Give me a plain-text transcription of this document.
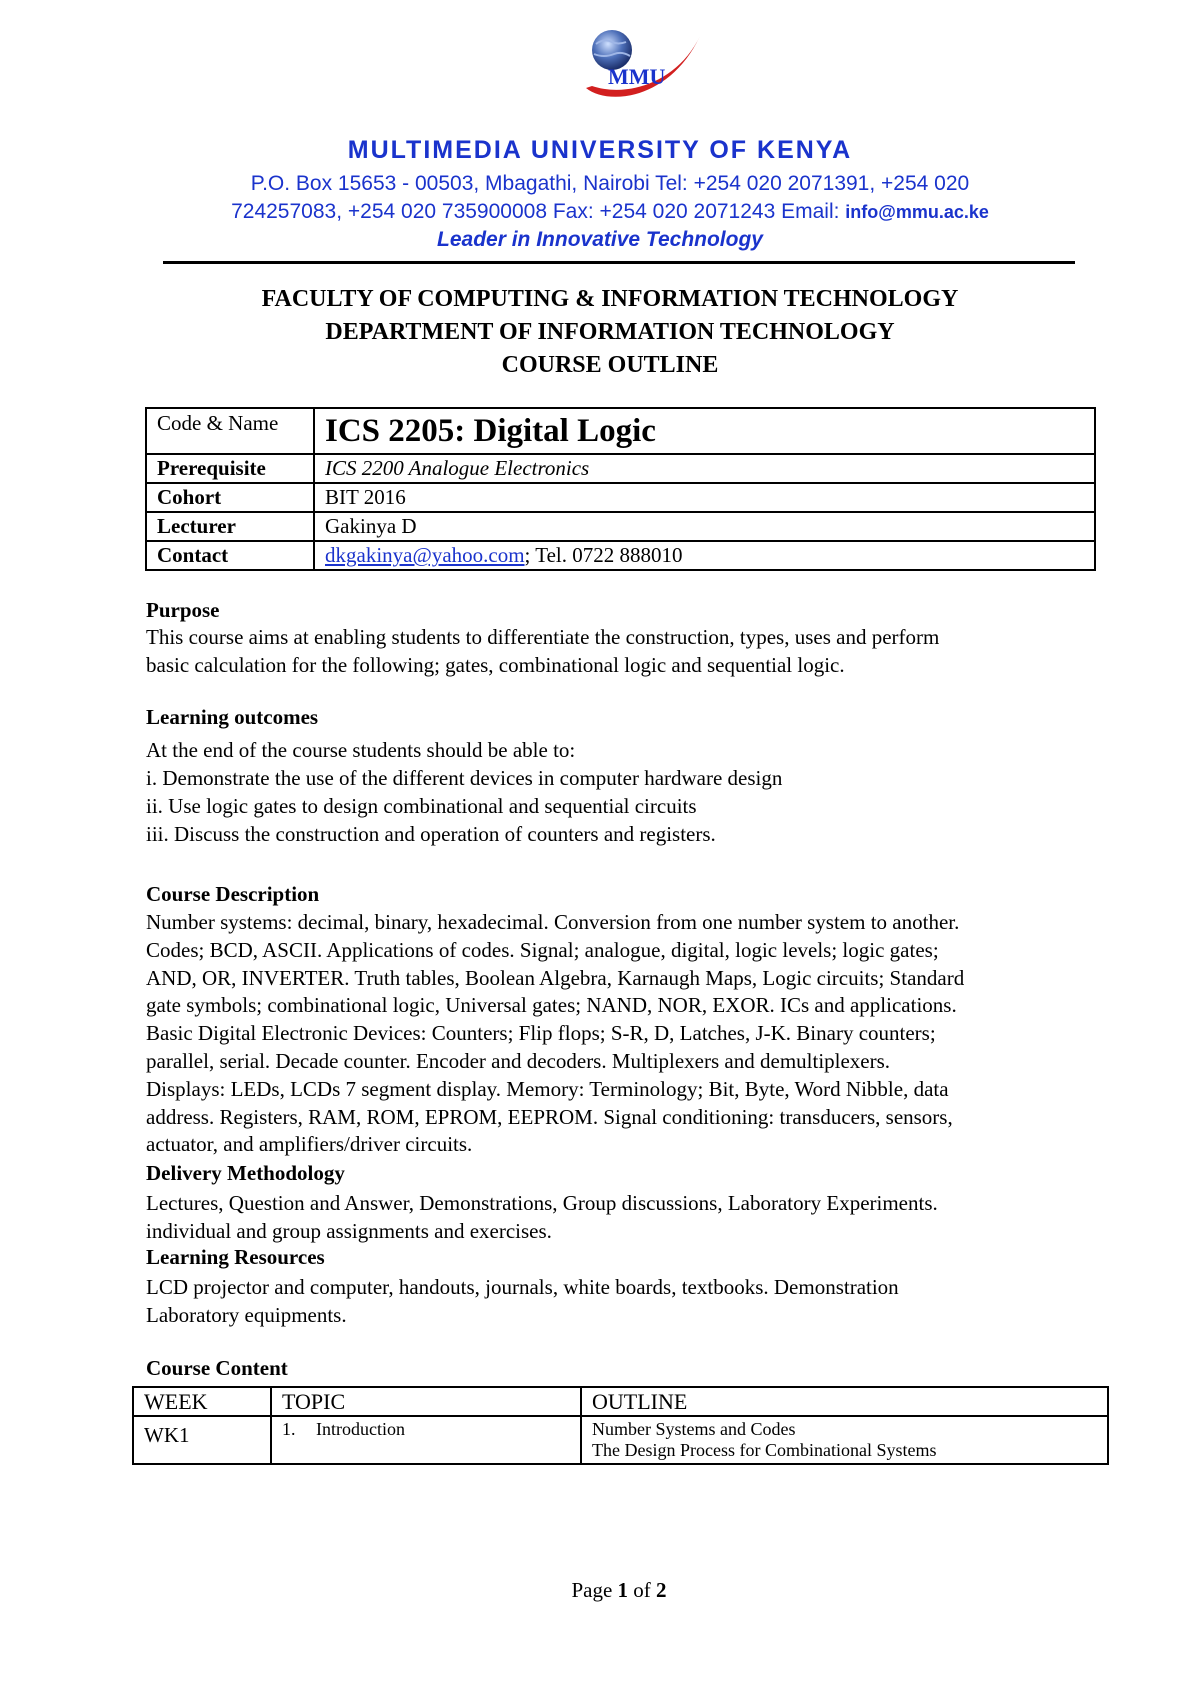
MMU
MULTIMEDIA UNIVERSITY OF KENYA
P.O. Box 15653 - 00503, Mbagathi, Nairobi Tel: +254 020 2071391, +254 020
724257083, +254 020 735900008 Fax: +254 020 2071243 Email: info@mmu.ac.ke
Leader in Innovative Technology
FACULTY OF COMPUTING & INFORMATION TECHNOLOGY
DEPARTMENT OF INFORMATION TECHNOLOGY
COURSE OUTLINE
Code & Name	ICS 2205: Digital Logic
Prerequisite	ICS 2200 Analogue Electronics
Cohort	BIT 2016
Lecturer	Gakinya D
Contact	dkgakinya@yahoo.com; Tel. 0722 888010
Purpose
This course aims at enabling students to differentiate the construction, types, uses and perform
basic calculation for the following; gates, combinational logic and sequential logic.
Learning outcomes
At the end of the course students should be able to:
i. Demonstrate the use of the different devices in computer hardware design
ii. Use logic gates to design combinational and sequential circuits
iii. Discuss the construction and operation of counters and registers.
Course Description
Number systems: decimal, binary, hexadecimal. Conversion from one number system to another.
Codes; BCD, ASCII. Applications of codes. Signal; analogue, digital, logic levels; logic gates;
AND, OR, INVERTER. Truth tables, Boolean Algebra, Karnaugh Maps, Logic circuits; Standard
gate symbols; combinational logic, Universal gates; NAND, NOR, EXOR. ICs and applications.
Basic Digital Electronic Devices: Counters; Flip flops; S-R, D, Latches, J-K. Binary counters;
parallel, serial. Decade counter. Encoder and decoders. Multiplexers and demultiplexers.
Displays: LEDs, LCDs 7 segment display. Memory: Terminology; Bit, Byte, Word Nibble, data
address. Registers, RAM, ROM, EPROM, EEPROM. Signal conditioning: transducers, sensors,
actuator, and amplifiers/driver circuits.
Delivery Methodology
Lectures, Question and Answer, Demonstrations, Group discussions, Laboratory Experiments.
individual and group assignments and exercises.
Learning Resources
LCD projector and computer, handouts, journals, white boards, textbooks. Demonstration
Laboratory equipments.
Course Content
WEEK	TOPIC	OUTLINE
WK1	1. Introduction	Number Systems and Codes
The Design Process for Combinational Systems
Page 1 of 2
